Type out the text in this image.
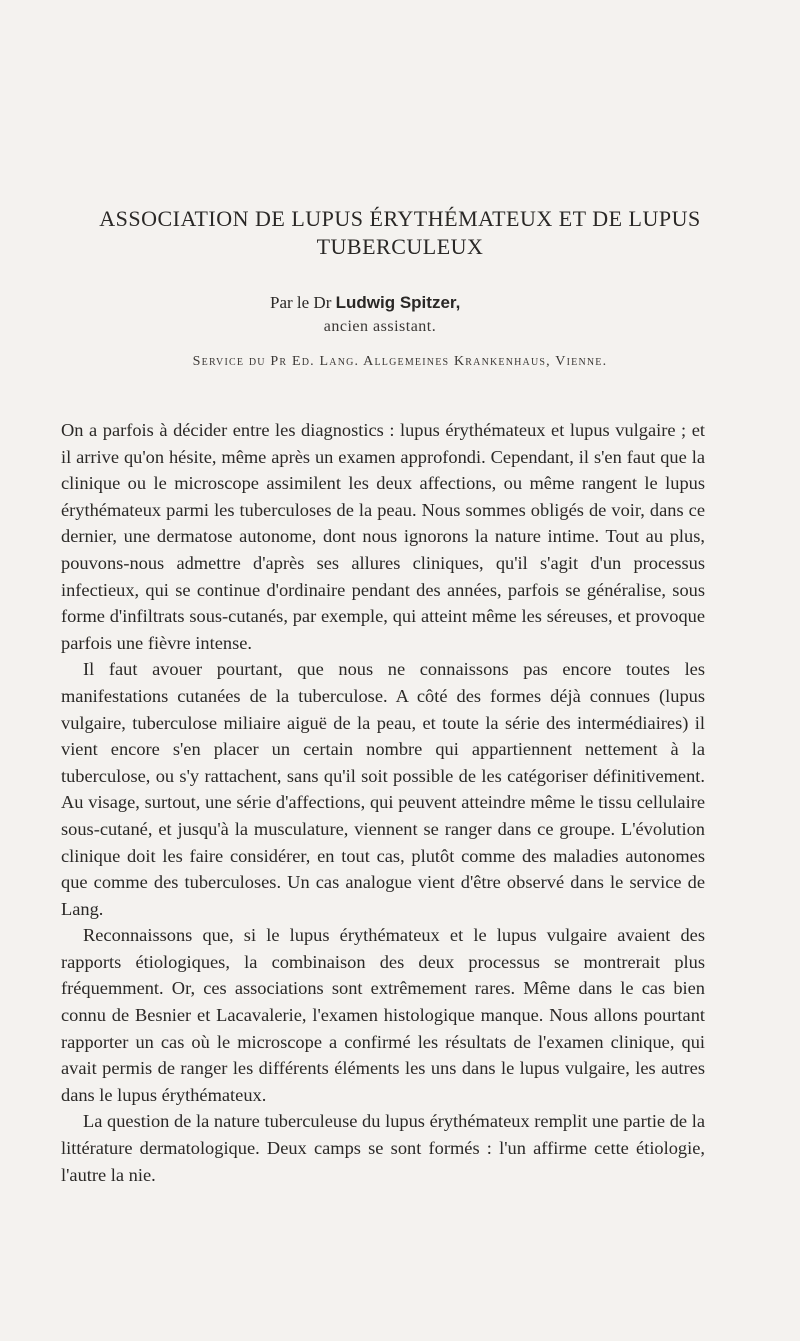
ASSOCIATION DE LUPUS ÉRYTHÉMATEUX ET DE LUPUS TUBERCULEUX
Par le Dr Ludwig Spitzer,
ancien assistant.
Service du Pr Ed. Lang. Allgemeines Krankenhaus, Vienne.

On a parfois à décider entre les diagnostics : lupus érythémateux et lupus vulgaire ; et il arrive qu'on hésite, même après un examen approfondi. Cependant, il s'en faut que la clinique ou le microscope assimilent les deux affections, ou même rangent le lupus érythémateux parmi les tuberculoses de la peau. Nous sommes obligés de voir, dans ce dernier, une dermatose autonome, dont nous ignorons la nature intime. Tout au plus, pouvons-nous admettre d'après ses allures cliniques, qu'il s'agit d'un processus infectieux, qui se continue d'ordinaire pendant des années, parfois se généralise, sous forme d'infiltrats sous-cutanés, par exemple, qui atteint même les séreuses, et provoque parfois une fièvre intense.

Il faut avouer pourtant, que nous ne connaissons pas encore toutes les manifestations cutanées de la tuberculose. A côté des formes déjà connues (lupus vulgaire, tuberculose miliaire aiguë de la peau, et toute la série des intermédiaires) il vient encore s'en placer un certain nombre qui appartiennent nettement à la tuberculose, ou s'y rattachent, sans qu'il soit possible de les catégoriser définitivement. Au visage, surtout, une série d'affections, qui peuvent atteindre même le tissu cellulaire sous-cutané, et jusqu'à la musculature, viennent se ranger dans ce groupe. L'évolution clinique doit les faire considérer, en tout cas, plutôt comme des maladies autonomes que comme des tuberculoses. Un cas analogue vient d'être observé dans le service de Lang.

Reconnaissons que, si le lupus érythémateux et le lupus vulgaire avaient des rapports étiologiques, la combinaison des deux processus se montrerait plus fréquemment. Or, ces associations sont extrêmement rares. Même dans le cas bien connu de Besnier et Lacavalerie, l'examen histologique manque. Nous allons pourtant rapporter un cas où le microscope a confirmé les résultats de l'examen clinique, qui avait permis de ranger les différents éléments les uns dans le lupus vulgaire, les autres dans le lupus érythémateux.

La question de la nature tuberculeuse du lupus érythémateux remplit une partie de la littérature dermatologique. Deux camps se sont formés : l'un affirme cette étiologie, l'autre la nie.
